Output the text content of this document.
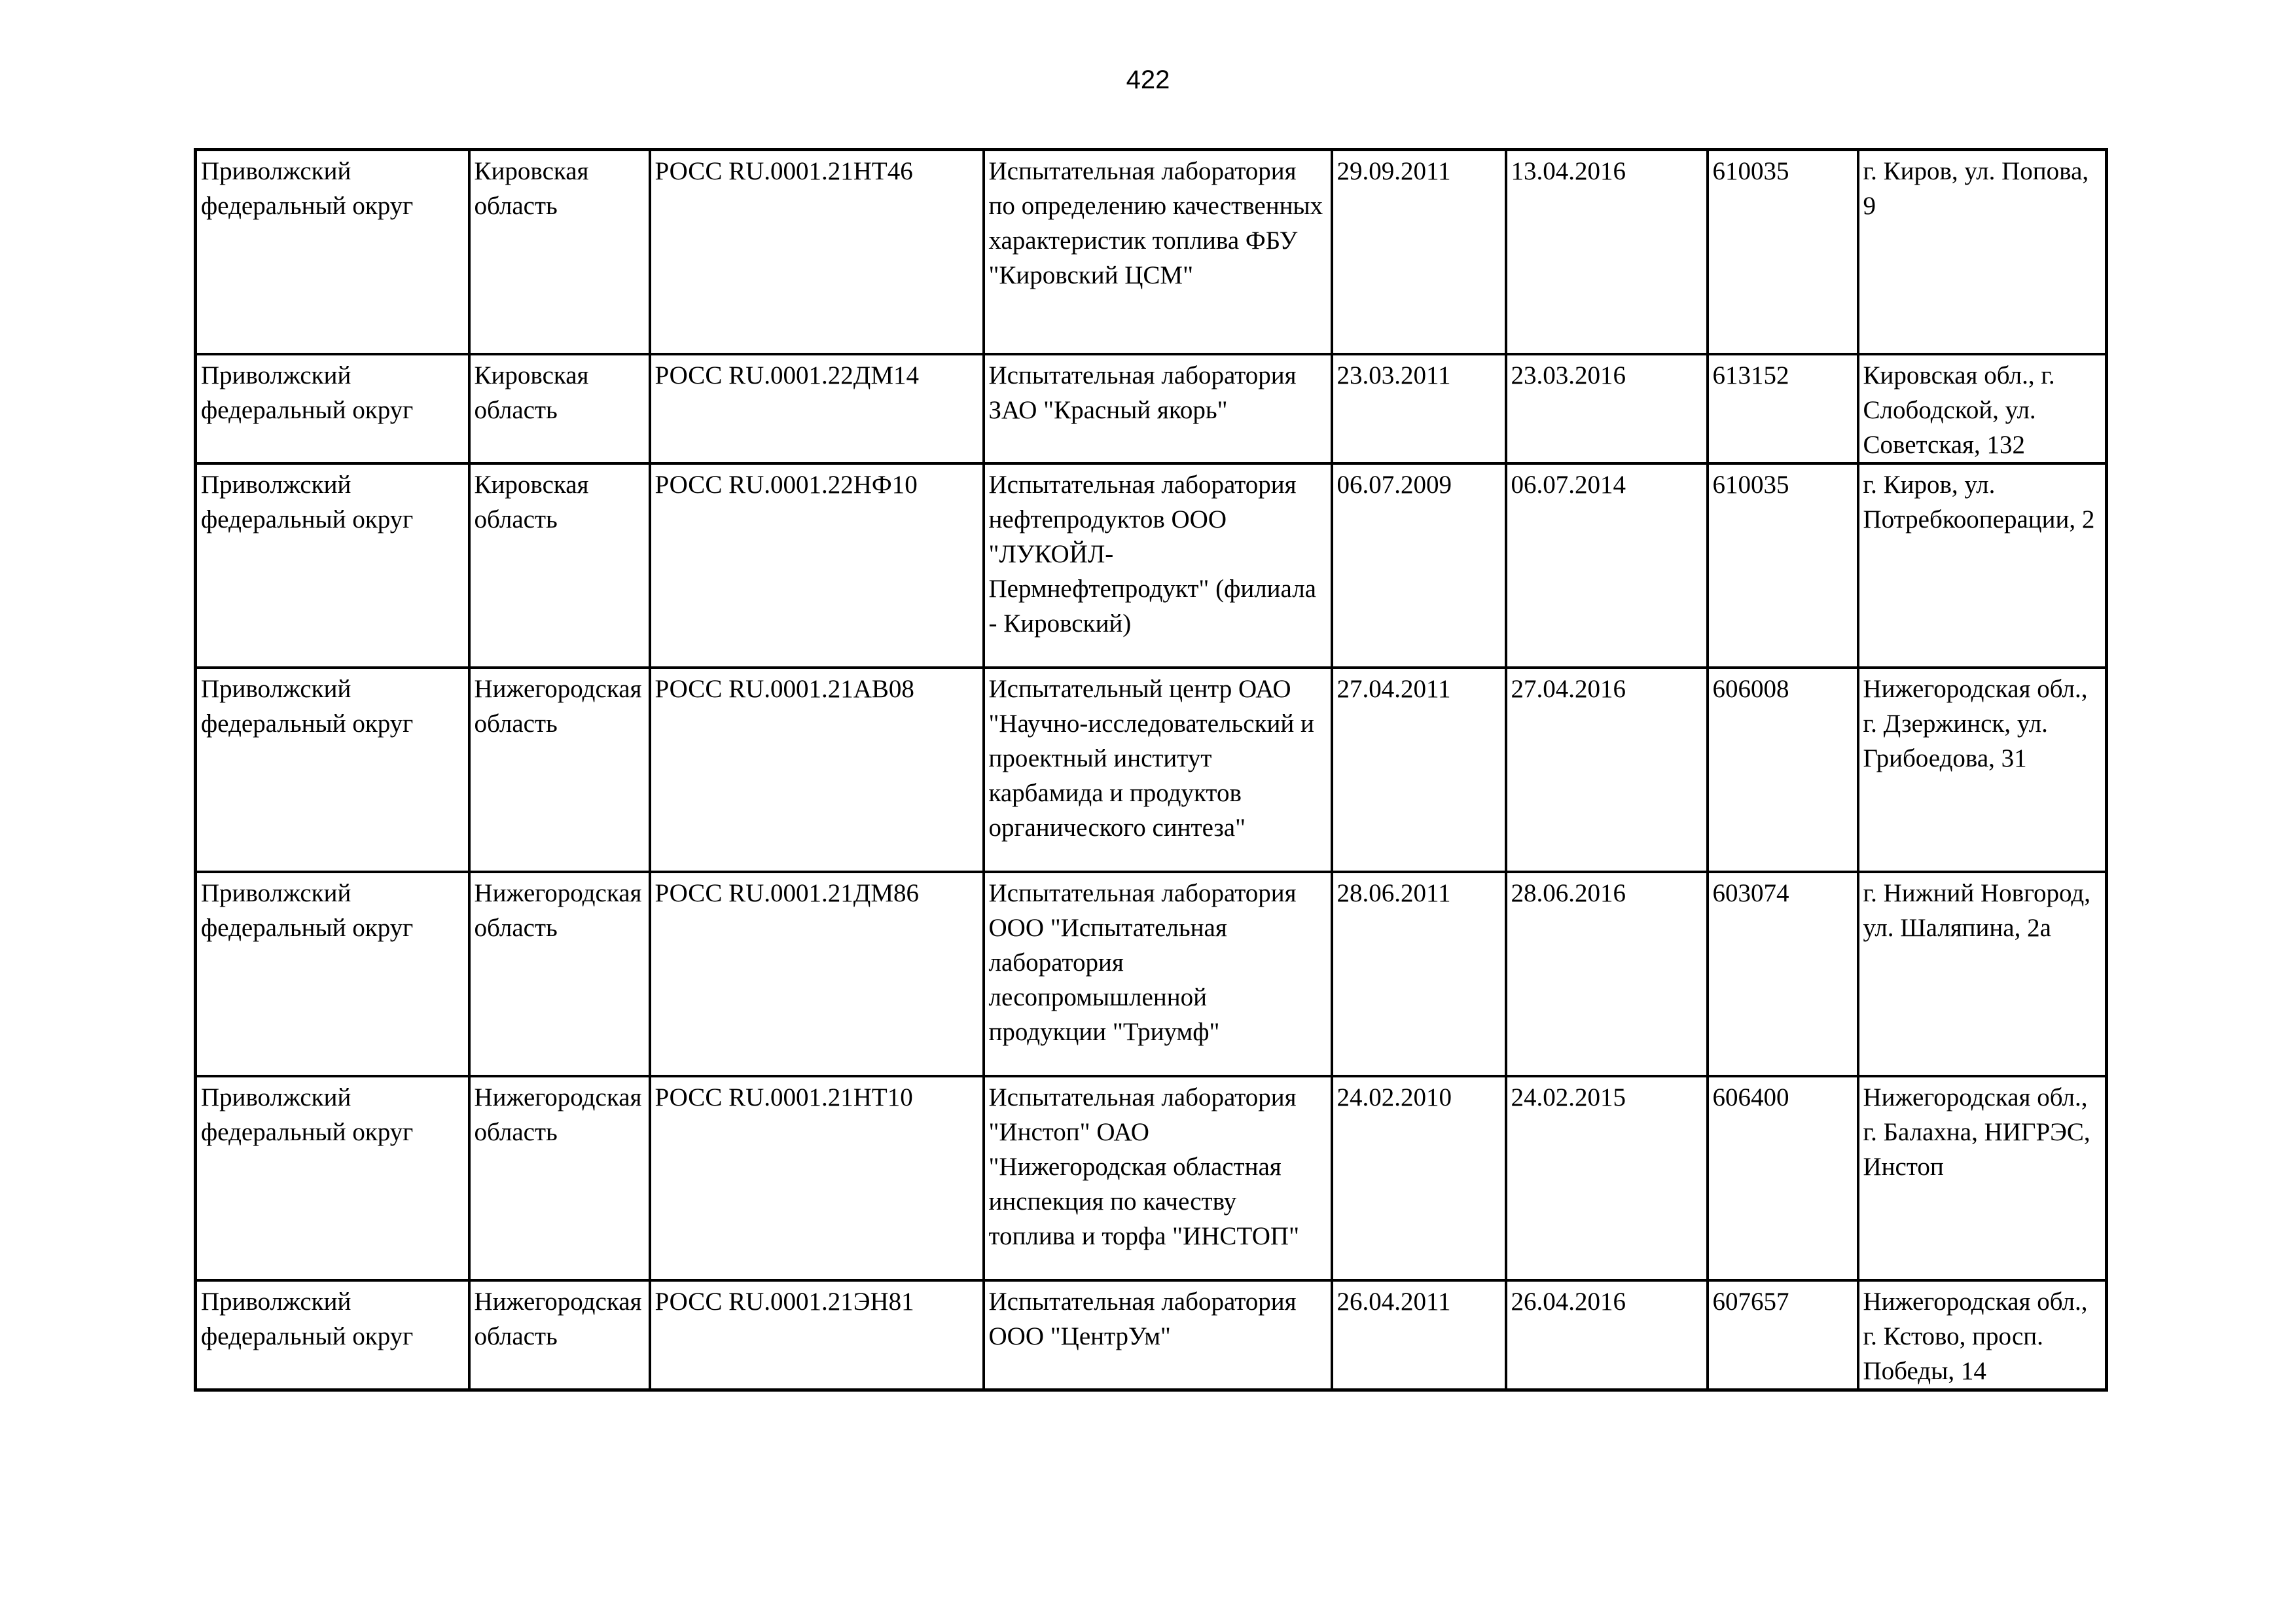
422
Приволжский федеральный округ	Кировская область	РОСС RU.0001.21НТ46	Испытательная лаборатория по определению качественных характеристик топлива ФБУ "Кировский ЦСМ"	29.09.2011	13.04.2016	610035	г. Киров, ул. Попова, 9
Приволжский федеральный округ	Кировская область	РОСС RU.0001.22ДМ14	Испытательная лаборатория ЗАО "Красный якорь"	23.03.2011	23.03.2016	613152	Кировская обл., г. Слободской, ул. Советская, 132
Приволжский федеральный округ	Кировская область	РОСС RU.0001.22НФ10	Испытательная лаборатория нефтепродуктов ООО "ЛУКОЙЛ-Пермнефтепродукт" (филиала - Кировский)	06.07.2009	06.07.2014	610035	г. Киров, ул. Потребкооперации, 2
Приволжский федеральный округ	Нижегородская область	РОСС RU.0001.21АВ08	Испытательный центр ОАО "Научно-исследовательский и проектный институт карбамида и продуктов органического синтеза"	27.04.2011	27.04.2016	606008	Нижегородская обл., г. Дзержинск, ул. Грибоедова, 31
Приволжский федеральный округ	Нижегородская область	РОСС RU.0001.21ДМ86	Испытательная лаборатория ООО "Испытательная лаборатория лесопромышленной продукции "Триумф"	28.06.2011	28.06.2016	603074	г. Нижний Новгород, ул. Шаляпина, 2а
Приволжский федеральный округ	Нижегородская область	РОСС RU.0001.21НТ10	Испытательная лаборатория "Инстоп" ОАО "Нижегородская областная инспекция по качеству топлива и торфа "ИНСТОП"	24.02.2010	24.02.2015	606400	Нижегородская обл., г. Балахна, НИГРЭС, Инстоп
Приволжский федеральный округ	Нижегородская область	РОСС RU.0001.21ЭН81	Испытательная лаборатория ООО "ЦентрУм"	26.04.2011	26.04.2016	607657	Нижегородская обл., г. Кстово, просп. Победы, 14
